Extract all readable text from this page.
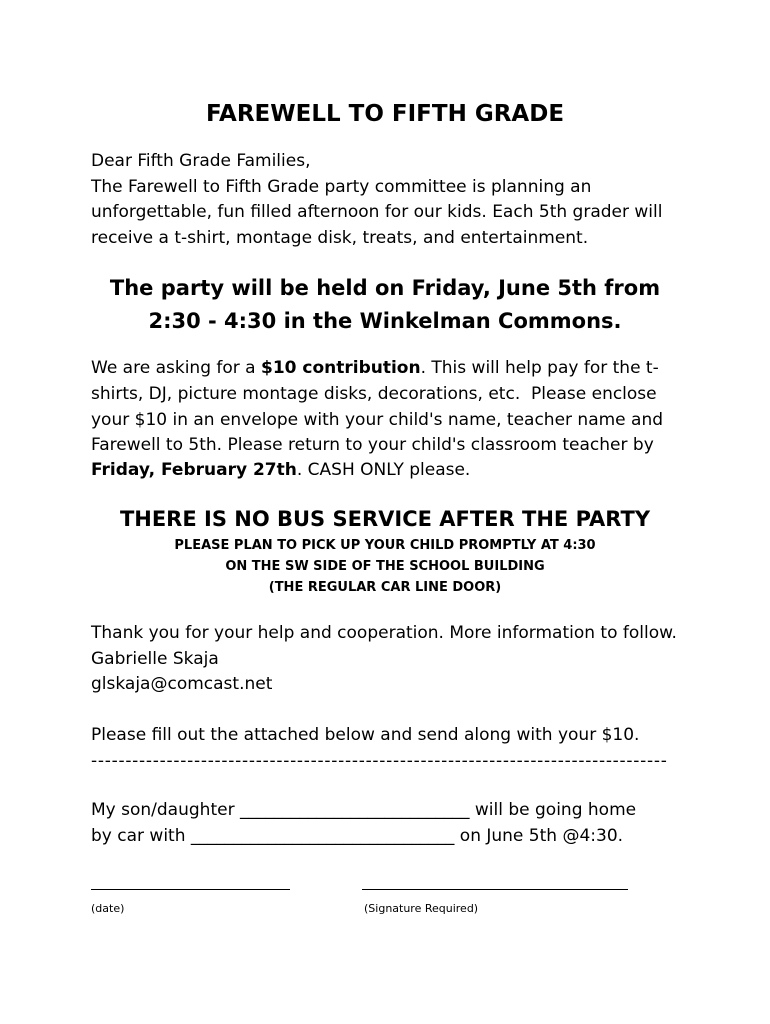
FAREWELL TO FIFTH GRADE
Dear Fifth Grade Families,
The Farewell to Fifth Grade party committee is planning an
unforgettable, fun filled afternoon for our kids. Each 5th grader will
receive a t-shirt, montage disk, treats, and entertainment.
The party will be held on Friday, June 5th from
2:30 - 4:30 in the Winkelman Commons.
We are asking for a $10 contribution. This will help pay for the t-
shirts, DJ, picture montage disks, decorations, etc.  Please enclose
your $10 in an envelope with your child's name, teacher name and
Farewell to 5th. Please return to your child's classroom teacher by
Friday, February 27th. CASH ONLY please.
THERE IS NO BUS SERVICE AFTER THE PARTY
PLEASE PLAN TO PICK UP YOUR CHILD PROMPTLY AT 4:30
ON THE SW SIDE OF THE SCHOOL BUILDING
(THE REGULAR CAR LINE DOOR)
Thank you for your help and cooperation. More information to follow.
Gabrielle Skaja
glskaja@comcast.net
Please fill out the attached below and send along with your $10.
------------------------------------------------------------------------------------
My son/daughter ___________________________ will be going home
by car with _______________________________ on June 5th @4:30.
(date)	(Signature Required)
